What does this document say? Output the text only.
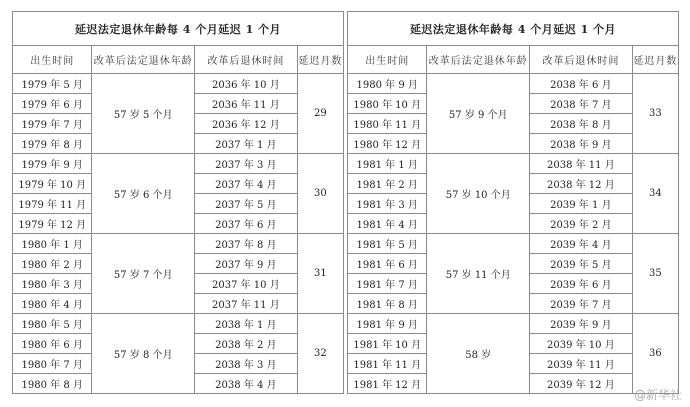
延迟法定退休年龄每 4 个月延迟 1 个月			
出生时间	改革后法定退休年龄	改革后退休时间	延迟月数
1979 年 5 月	57 岁 5 个月	2036 年 10 月	29
1979 年 6 月		2036 年 11 月	
1979 年 7 月		2036 年 12 月	
1979 年 8 月		2037 年 1 月	
1979 年 9 月	57 岁 6 个月	2037 年 3 月	30
1979 年 10 月		2037 年 4 月	
1979 年 11 月		2037 年 5 月	
1979 年 12 月		2037 年 6 月	
1980 年 1 月	57 岁 7 个月	2037 年 8 月	31
1980 年 2 月		2037 年 9 月	
1980 年 3 月		2037 年 10 月	
1980 年 4 月		2037 年 11 月	
1980 年 5 月	57 岁 8 个月	2038 年 1 月	32
1980 年 6 月		2038 年 2 月	
1980 年 7 月		2038 年 3 月	
1980 年 8 月		2038 年 4 月	
延迟法定退休年龄每 4 个月延迟 1 个月			
出生时间	改革后法定退休年龄	改革后退休时间	延迟月数
1980 年 9 月	57 岁 9 个月	2038 年 6 月	33
1980 年 10 月		2038 年 7 月	
1980 年 11 月		2038 年 8 月	
1980 年 12 月		2038 年 9 月	
1981 年 1 月	57 岁 10 个月	2038 年 11 月	34
1981 年 2 月		2038 年 12 月	
1981 年 3 月		2039 年 1 月	
1981 年 4 月		2039 年 2 月	
1981 年 5 月	57 岁 11 个月	2039 年 4 月	35
1981 年 6 月		2039 年 5 月	
1981 年 7 月		2039 年 6 月	
1981 年 8 月		2039 年 7 月	
1981 年 9 月	58 岁	2039 年 9 月	36
1981 年 10 月		2039 年 10 月	
1981 年 11 月		2039 年 11 月	
1981 年 12 月		2039 年 12 月	
@新华社
